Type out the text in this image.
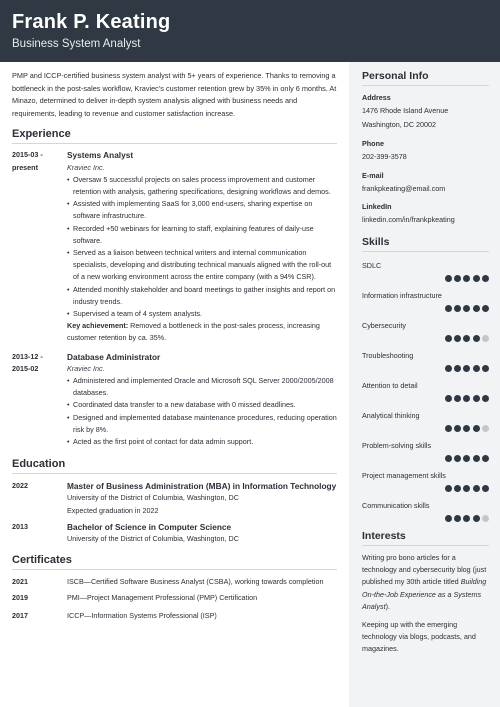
Frank P. Keating
Business System Analyst

PMP and ICCP-certified business system analyst with 5+ years of experience. Thanks to removing a bottleneck in the post-sales workflow, Kraviec’s customer retention grew by 35% in only 6 months. At Minazo, determined to deliver in-depth system analysis aligned with business needs and requirements, leading to revenue and customer satisfaction increase.

Experience
2015-03 -
present
Systems Analyst
Kraviec Inc.
• Oversaw 5 successful projects on sales process improvement and customer retention with analysis, gathering specifications, designing workflows and demos.
• Assisted with implementing SaaS for 3,000 end-users, sharing expertise on software infrastructure.
• Recorded +50 webinars for learning to staff, explaining features of daily-use software.
• Served as a liaison between technical writers and internal communication specialists, developing and distributing technical manuals aligned with the roll-out of a new working environment across the entire company (with a 94% CSR).
• Attended monthly stakeholder and board meetings to gather insights and report on industry trends.
• Supervised a team of 4 system analysts.
Key achievement: Removed a bottleneck in the post-sales process, increasing customer retention by ca. 35%.
2013-12 -
2015-02
Database Administrator
Kraviec Inc.
• Administered and implemented Oracle and Microsoft SQL Server 2000/2005/2008 databases.
• Coordinated data transfer to a new database with 0 missed deadlines.
• Designed and implemented database maintenance procedures, reducing operation risk by 8%.
• Acted as the first point of contact for data admin support.
Education
2022	Master of Business Administration (MBA) in Information Technology
University of the District of Columbia, Washington, DC
Expected graduation in 2022
2013	Bachelor of Science in Computer Science
University of the District of Columbia, Washington, DC
Certificates
2021	ISCB—Certified Software Business Analyst (CSBA), working towards completion
2019	PMI—Project Management Professional (PMP) Certification
2017	ICCP—Information Systems Professional (ISP)
Personal Info
Address
1476 Rhode Island Avenue
Washington, DC 20002
Phone
202-399-3578
E-mail
frankpkeating@email.com
LinkedIn
linkedin.com/in/frankpkeating
Skills
SDLC
Information infrastructure
Cybersecurity
Troubleshooting
Attention to detail
Analytical thinking
Problem-solving skills
Project management skills
Communication skills
Interests
Writing pro bono articles for a technology and cybersecurity blog (just published my 30th article titled Building On-the-Job Experience as a Systems Analyst).
Keeping up with the emerging technology via blogs, podcasts, and magazines.
